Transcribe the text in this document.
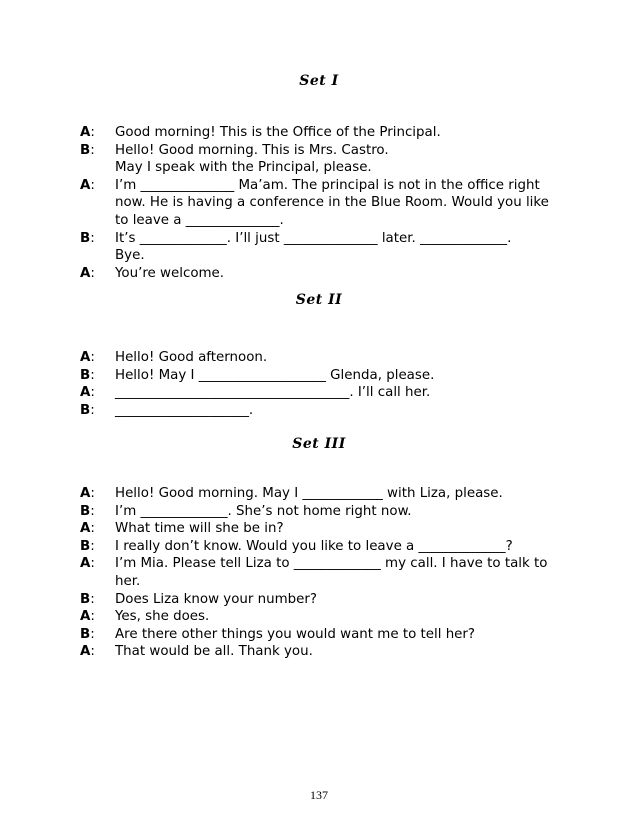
Set I
A:	Good morning! This is the Office of the Principal.
B:	Hello! Good morning. This is Mrs. Castro.
May I speak with the Principal, please.
A:	I’m ______________ Ma’am. The principal is not in the office right now. He is having a conference in the Blue Room. Would you like to leave a ______________.
B:	It’s _____________. I’ll just ______________ later. _____________.
Bye.
A:	You’re welcome.
Set II
A:	Hello! Good afternoon.
B:	Hello! May I ___________________ Glenda, please.
A:	___________________________________. I’ll call her.
B:	____________________.
Set III
A:	Hello! Good morning. May I ____________ with Liza, please.
B:	I’m _____________. She’s not home right now.
A:	What time will she be in?
B:	I really don’t know. Would you like to leave a _____________?
A:	I’m Mia. Please tell Liza to _____________ my call. I have to talk to her.
B:	Does Liza know your number?
A:	Yes, she does.
B:	Are there other things you would want me to tell her?
A:	That would be all. Thank you.
137
